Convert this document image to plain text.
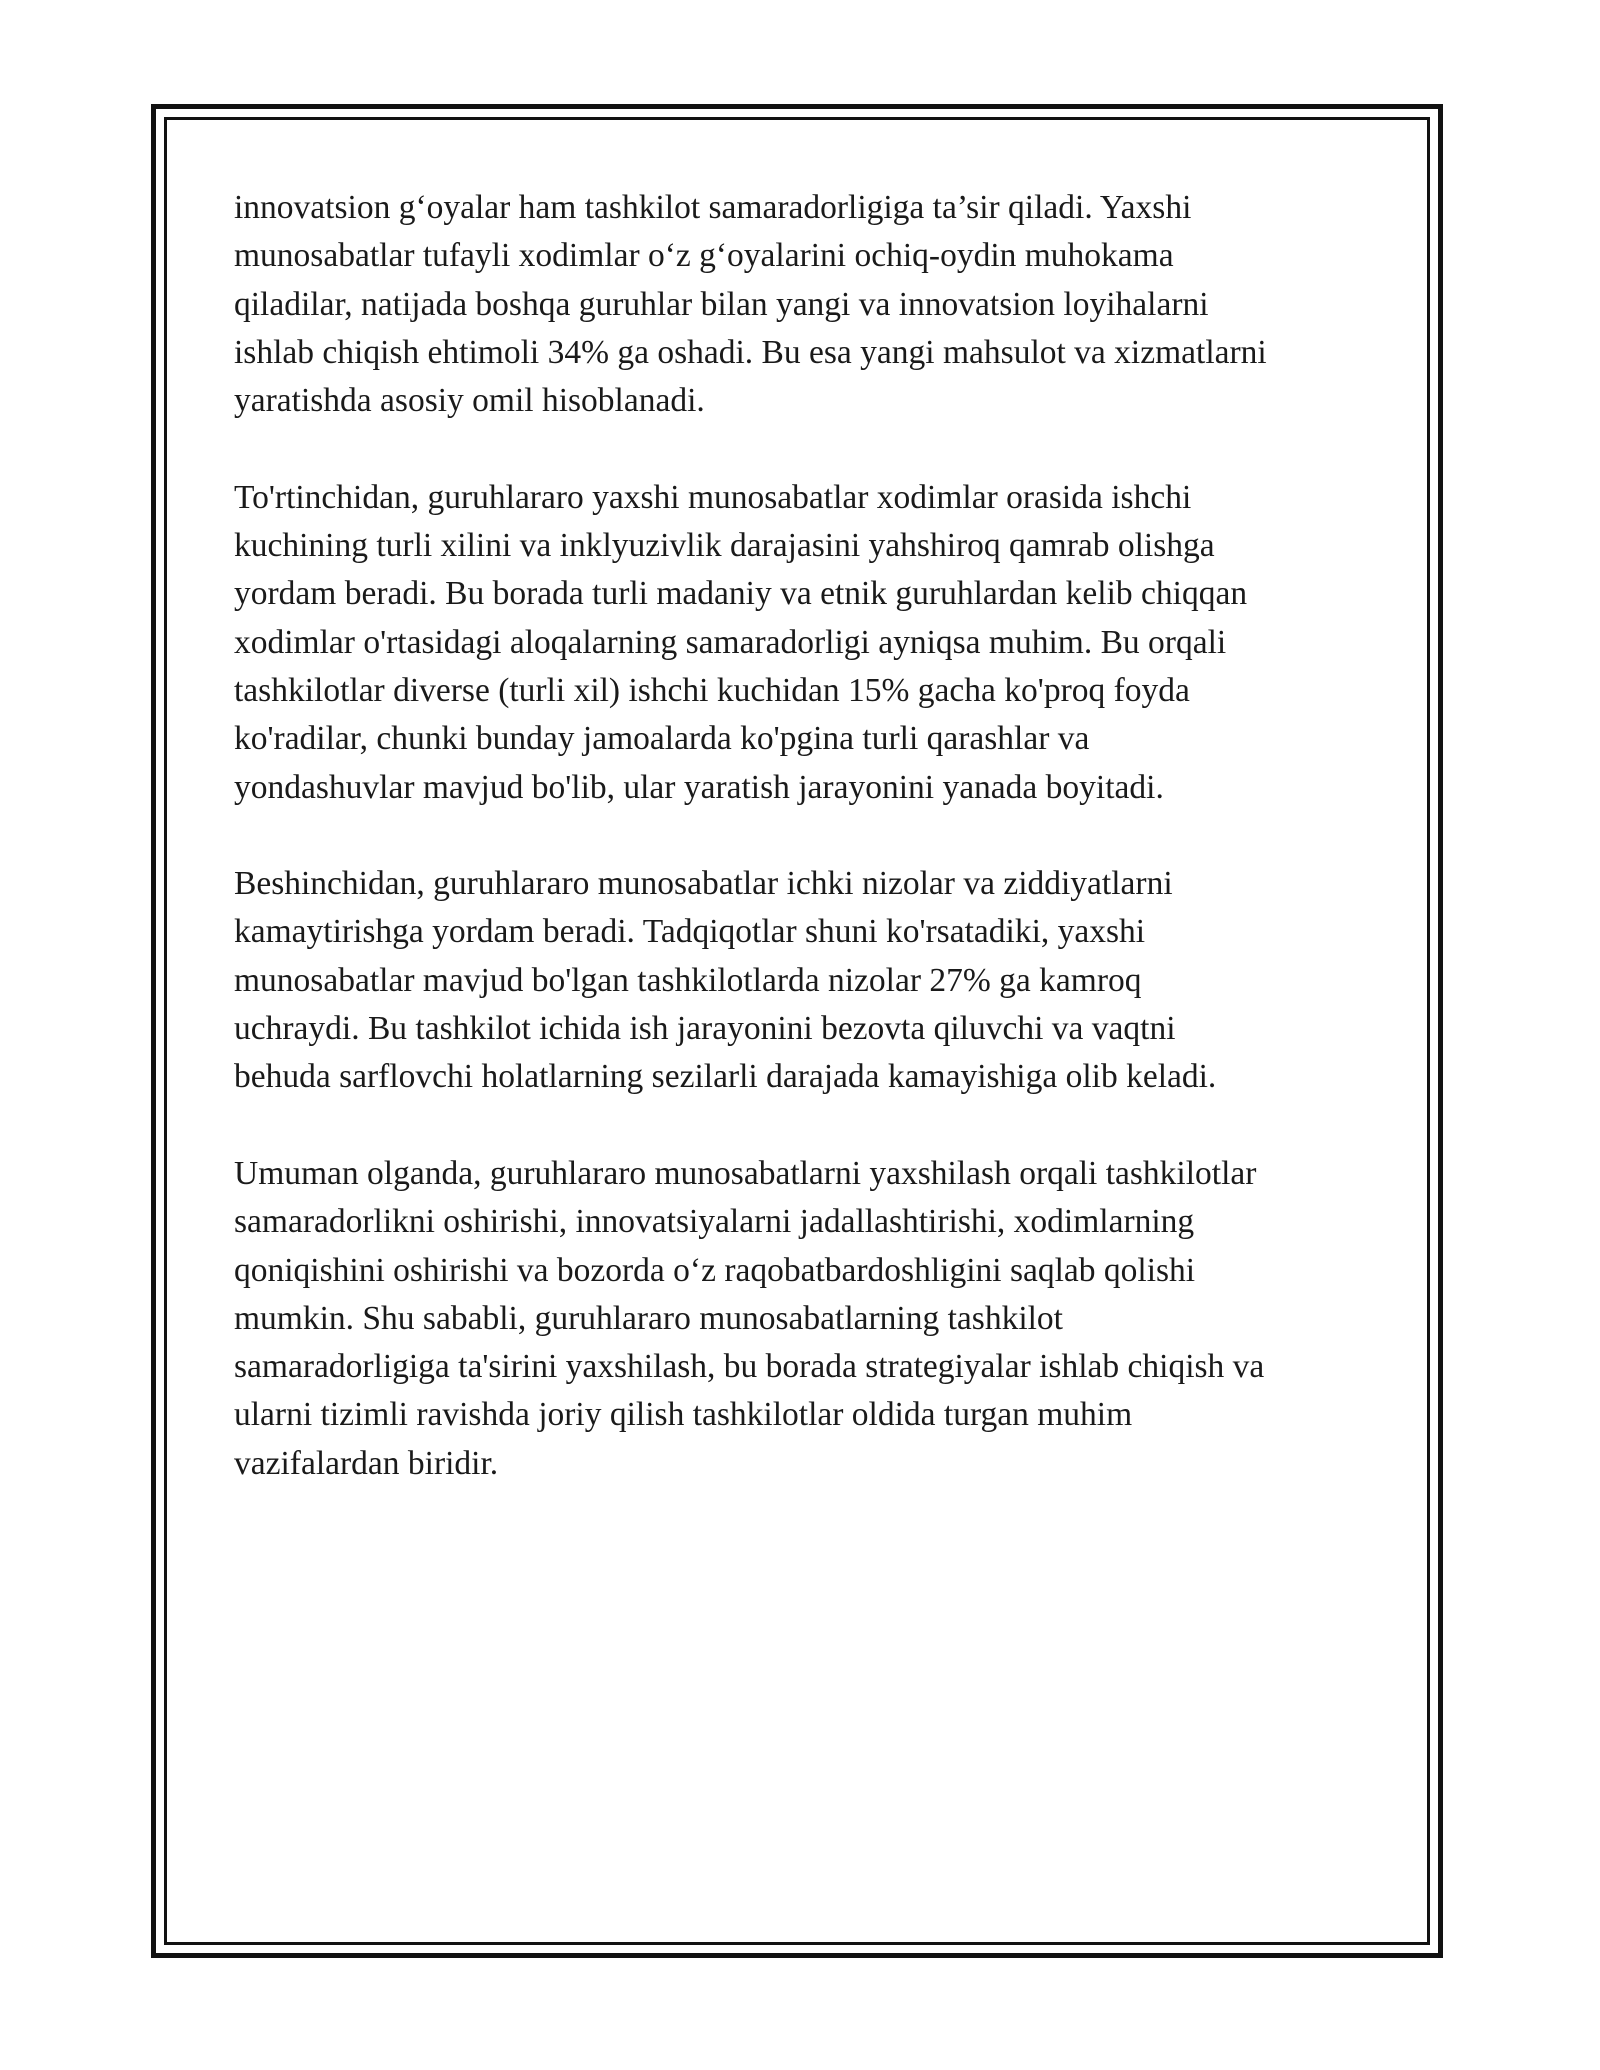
innovatsion g‘oyalar ham tashkilot samaradorligiga ta’sir qiladi. Yaxshi
munosabatlar tufayli xodimlar o‘z g‘oyalarini ochiq-oydin muhokama
qiladilar, natijada boshqa guruhlar bilan yangi va innovatsion loyihalarni
ishlab chiqish ehtimoli 34% ga oshadi. Bu esa yangi mahsulot va xizmatlarni
yaratishda asosiy omil hisoblanadi.

To'rtinchidan, guruhlararo yaxshi munosabatlar xodimlar orasida ishchi
kuchining turli xilini va inklyuzivlik darajasini yahshiroq qamrab olishga
yordam beradi. Bu borada turli madaniy va etnik guruhlardan kelib chiqqan
xodimlar o'rtasidagi aloqalarning samaradorligi ayniqsa muhim. Bu orqali
tashkilotlar diverse (turli xil) ishchi kuchidan 15% gacha ko'proq foyda
ko'radilar, chunki bunday jamoalarda ko'pgina turli qarashlar va
yondashuvlar mavjud bo'lib, ular yaratish jarayonini yanada boyitadi.

Beshinchidan, guruhlararo munosabatlar ichki nizolar va ziddiyatlarni
kamaytirishga yordam beradi. Tadqiqotlar shuni ko'rsatadiki, yaxshi
munosabatlar mavjud bo'lgan tashkilotlarda nizolar 27% ga kamroq
uchraydi. Bu tashkilot ichida ish jarayonini bezovta qiluvchi va vaqtni
behuda sarflovchi holatlarning sezilarli darajada kamayishiga olib keladi.

Umuman olganda, guruhlararo munosabatlarni yaxshilash orqali tashkilotlar
samaradorlikni oshirishi, innovatsiyalarni jadallashtirishi, xodimlarning
qoniqishini oshirishi va bozorda o‘z raqobatbardoshligini saqlab qolishi
mumkin. Shu sababli, guruhlararo munosabatlarning tashkilot
samaradorligiga ta'sirini yaxshilash, bu borada strategiyalar ishlab chiqish va
ularni tizimli ravishda joriy qilish tashkilotlar oldida turgan muhim
vazifalardan biridir.
